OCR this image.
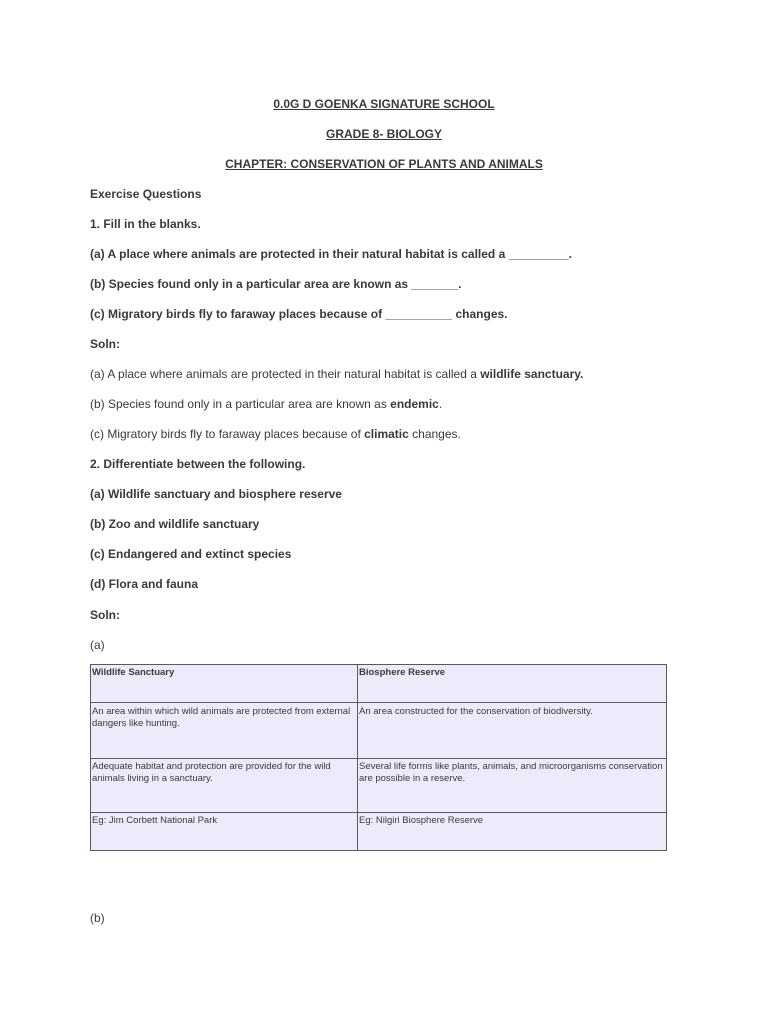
0.0G D GOENKA SIGNATURE SCHOOL
GRADE 8- BIOLOGY
CHAPTER: CONSERVATION OF PLANTS AND ANIMALS
Exercise Questions
1. Fill in the blanks.
(a) A place where animals are protected in their natural habitat is called a _________.
(b) Species found only in a particular area are known as _______.
(c) Migratory birds fly to faraway places because of __________ changes.
Soln:
(a) A place where animals are protected in their natural habitat is called a wildlife sanctuary.
(b) Species found only in a particular area are known as endemic.
(c) Migratory birds fly to faraway places because of climatic changes.
2. Differentiate between the following.
(a) Wildlife sanctuary and biosphere reserve
(b) Zoo and wildlife sanctuary
(c) Endangered and extinct species
(d) Flora and fauna
Soln:
(a)
Wildlife Sanctuary	Biosphere Reserve
An area within which wild animals are protected from external dangers like hunting.	An area constructed for the conservation of biodiversity.
Adequate habitat and protection are provided for the wild animals living in a sanctuary.	Several life forms like plants, animals, and microorganisms conservation are possible in a reserve.
Eg: Jim Corbett National Park	Eg: Nilgiri Biosphere Reserve
(b)
